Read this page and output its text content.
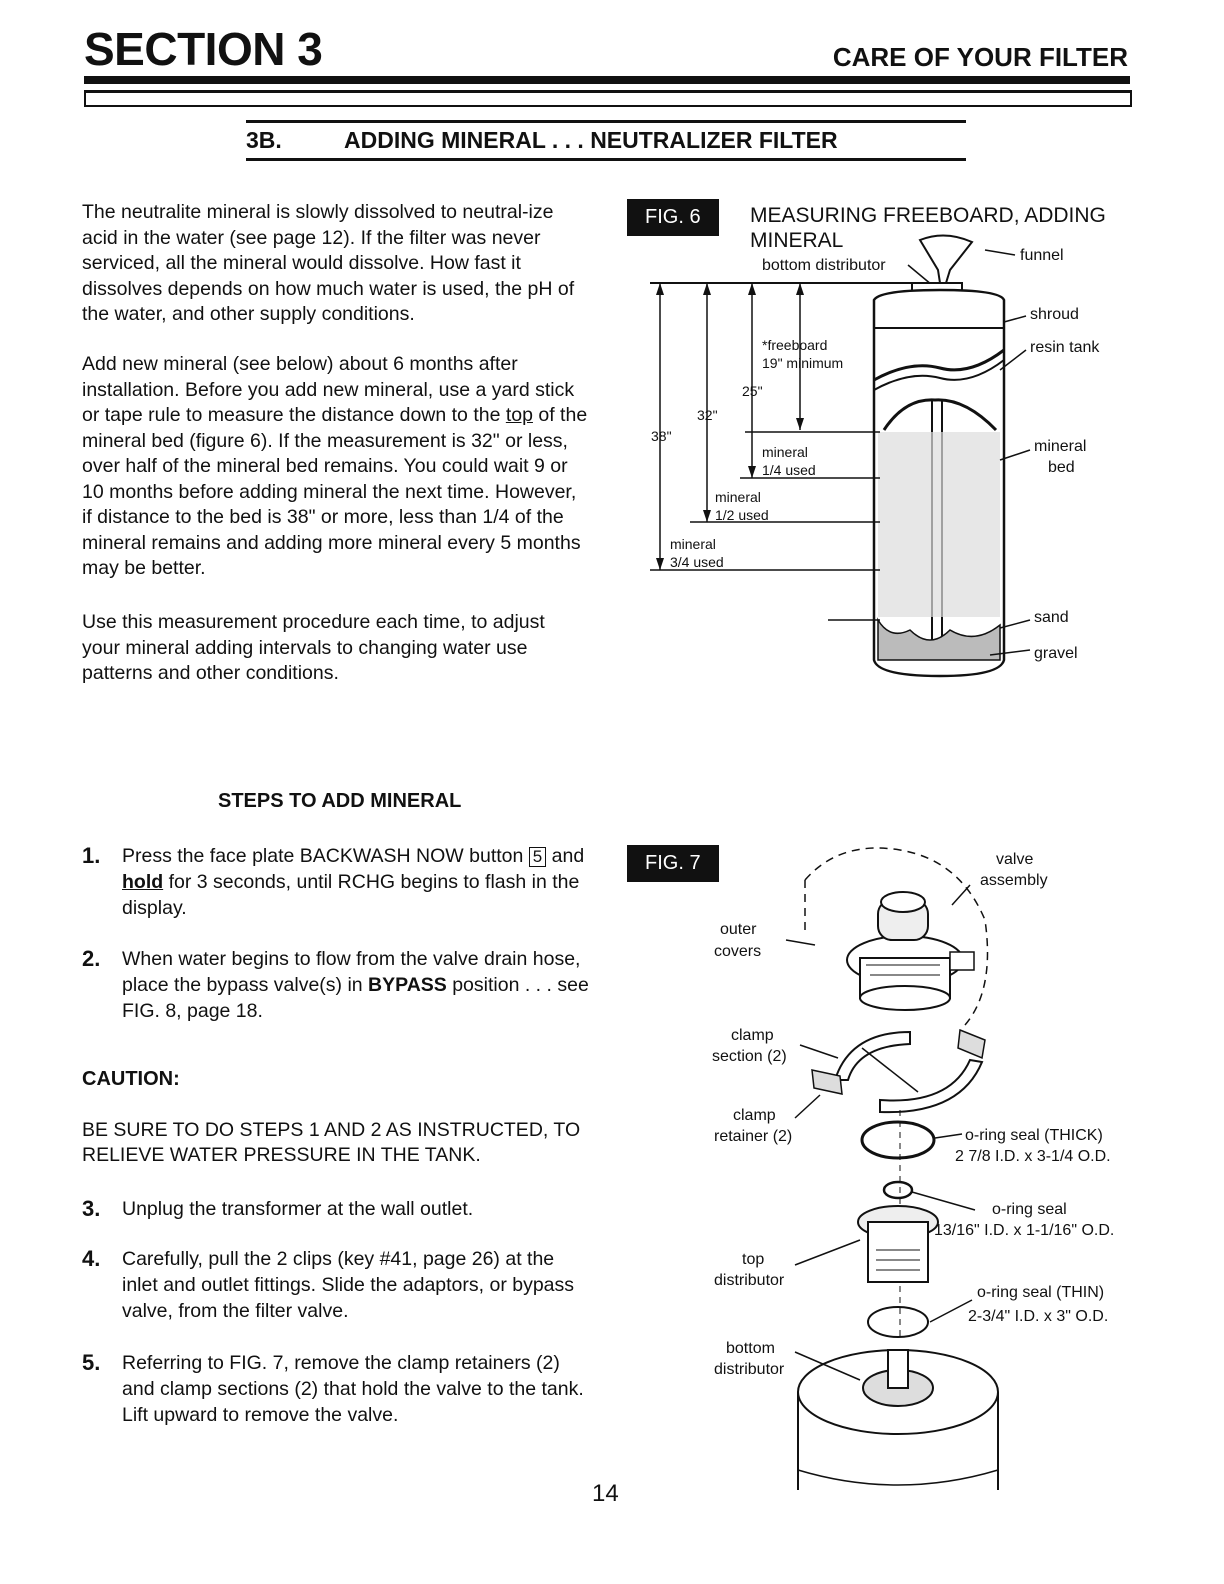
SECTION 3	CARE OF YOUR FILTER
3B.	ADDING MINERAL . . . NEUTRALIZER FILTER
The neutralite mineral is slowly dissolved to neutral-ize acid in the water (see page 12). If the filter was never serviced, all the mineral would dissolve. How fast it dissolves depends on how much water is used, the pH of the water, and other supply conditions.
Add new mineral (see below) about 6 months after installation. Before you add new mineral, use a yard stick or tape rule to measure the distance down to the top of the mineral bed (figure 6). If the measurement is 32" or less, over half of the mineral bed remains. You could wait 9 or 10 months before adding mineral the next time. However, if distance to the bed is 38" or more, less than 1/4 of the mineral remains and adding more mineral every 5 months may be better.
Use this measurement procedure each time, to adjust your mineral adding intervals to changing water use patterns and other conditions.
FIG. 6	MEASURING FREEBOARD, ADDING MINERAL
funnel
bottom distributor
shroud
resin tank
*freeboard
19" minimum
25"
32"
38"
mineral
bed
mineral
1/4 used
mineral
1/2 used
mineral
3/4 used
sand
gravel
STEPS TO ADD MINERAL
1. Press the face plate BACKWASH NOW button 5 and hold for 3 seconds, until RCHG begins to flash in the display.
2. When water begins to flow from the valve drain hose, place the bypass valve(s) in BYPASS position . . . see FIG. 8, page 18.
CAUTION:
BE SURE TO DO STEPS 1 AND 2 AS INSTRUCTED, TO RELIEVE WATER PRESSURE IN THE TANK.
3. Unplug the transformer at the wall outlet.
4. Carefully, pull the 2 clips (key #41, page 26) at the inlet and outlet fittings. Slide the adaptors, or bypass valve, from the filter valve.
5. Referring to FIG. 7, remove the clamp retainers (2) and clamp sections (2) that hold the valve to the tank. Lift upward to remove the valve.
FIG. 7	valve
assembly
outer
covers
clamp
section (2)
clamp
retainer (2)	o-ring seal (THICK)
2 7/8 I.D. x 3-1/4 O.D.
o-ring seal
13/16" I.D. x 1-1/16" O.D.
top
distributor
o-ring seal (THIN)
2-3/4" I.D. x 3" O.D.
bottom
distributor
14
